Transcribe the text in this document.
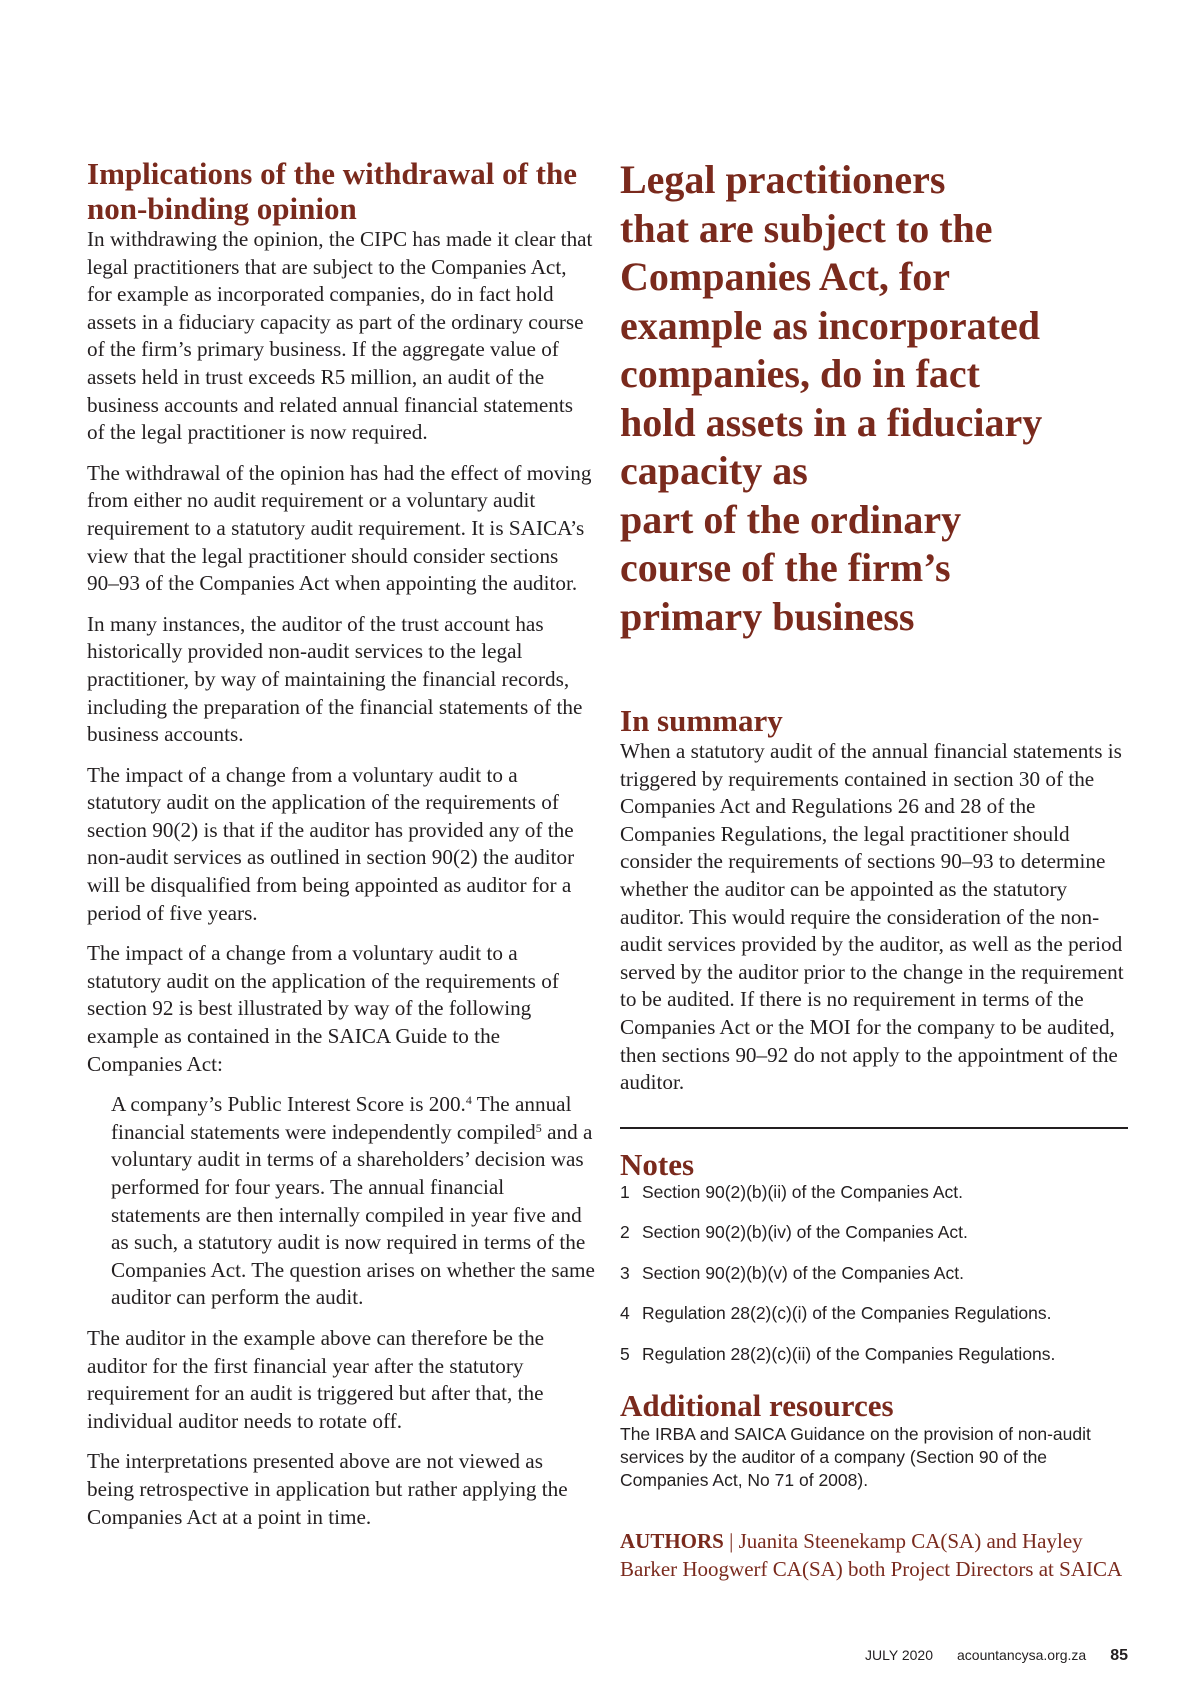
Implications of the withdrawal of the non-binding opinion

In withdrawing the opinion, the CIPC has made it clear that legal practitioners that are subject to the Companies Act, for example as incorporated companies, do in fact hold assets in a fiduciary capacity as part of the ordinary course of the firm’s primary business. If the aggregate value of assets held in trust exceeds R5 million, an audit of the business accounts and related annual financial statements of the legal practitioner is now required.

The withdrawal of the opinion has had the effect of moving from either no audit requirement or a voluntary audit requirement to a statutory audit requirement. It is SAICA’s view that the legal practitioner should consider sections 90–93 of the Companies Act when appointing the auditor.

In many instances, the auditor of the trust account has historically provided non-audit services to the legal practitioner, by way of maintaining the financial records, including the preparation of the financial statements of the business accounts.

The impact of a change from a voluntary audit to a statutory audit on the application of the requirements of section 90(2) is that if the auditor has provided any of the non-audit services as outlined in section 90(2) the auditor will be disqualified from being appointed as auditor for a period of five years.

The impact of a change from a voluntary audit to a statutory audit on the application of the requirements of section 92 is best illustrated by way of the following example as contained in the SAICA Guide to the Companies Act:

A company’s Public Interest Score is 200.$^4$ The annual financial statements were independently compiled$^5$ and a voluntary audit in terms of a shareholders’ decision was performed for four years. The annual financial statements are then internally compiled in year five and as such, a statutory audit is now required in terms of the Companies Act. The question arises on whether the same auditor can perform the audit.

The auditor in the example above can therefore be the auditor for the first financial year after the statutory requirement for an audit is triggered but after that, the individual auditor needs to rotate off.

The interpretations presented above are not viewed as being retrospective in application but rather applying the Companies Act at a point in time.

Legal practitioners
that are subject to the
Companies Act, for
example as incorporated
companies, do in fact
hold assets in a fiduciary
capacity as
part of the ordinary
course of the firm’s
primary business
In summary

When a statutory audit of the annual financial statements is triggered by requirements contained in section 30 of the Companies Act and Regulations 26 and 28 of the Companies Regulations, the legal practitioner should consider the requirements of sections 90–93 to determine whether the auditor can be appointed as the statutory auditor. This would require the consideration of the non-audit services provided by the auditor, as well as the period served by the auditor prior to the change in the requirement to be audited. If there is no requirement in terms of the Companies Act or the MOI for the company to be audited, then sections 90–92 do not apply to the appointment of the auditor.

Notes
1 Section 90(2)(b)(ii) of the Companies Act.
2 Section 90(2)(b)(iv) of the Companies Act.
3 Section 90(2)(b)(v) of the Companies Act.
4 Regulation 28(2)(c)(i) of the Companies Regulations.
5 Regulation 28(2)(c)(ii) of the Companies Regulations.
Additional resources

The IRBA and SAICA Guidance on the provision of non-audit services by the auditor of a company (Section 90 of the Companies Act, No 71 of 2008).

AUTHORS | Juanita Steenekamp CA(SA) and Hayley Barker Hoogwerf CA(SA) both Project Directors at SAICA

JULY 2020 acountancysa.org.za 85
